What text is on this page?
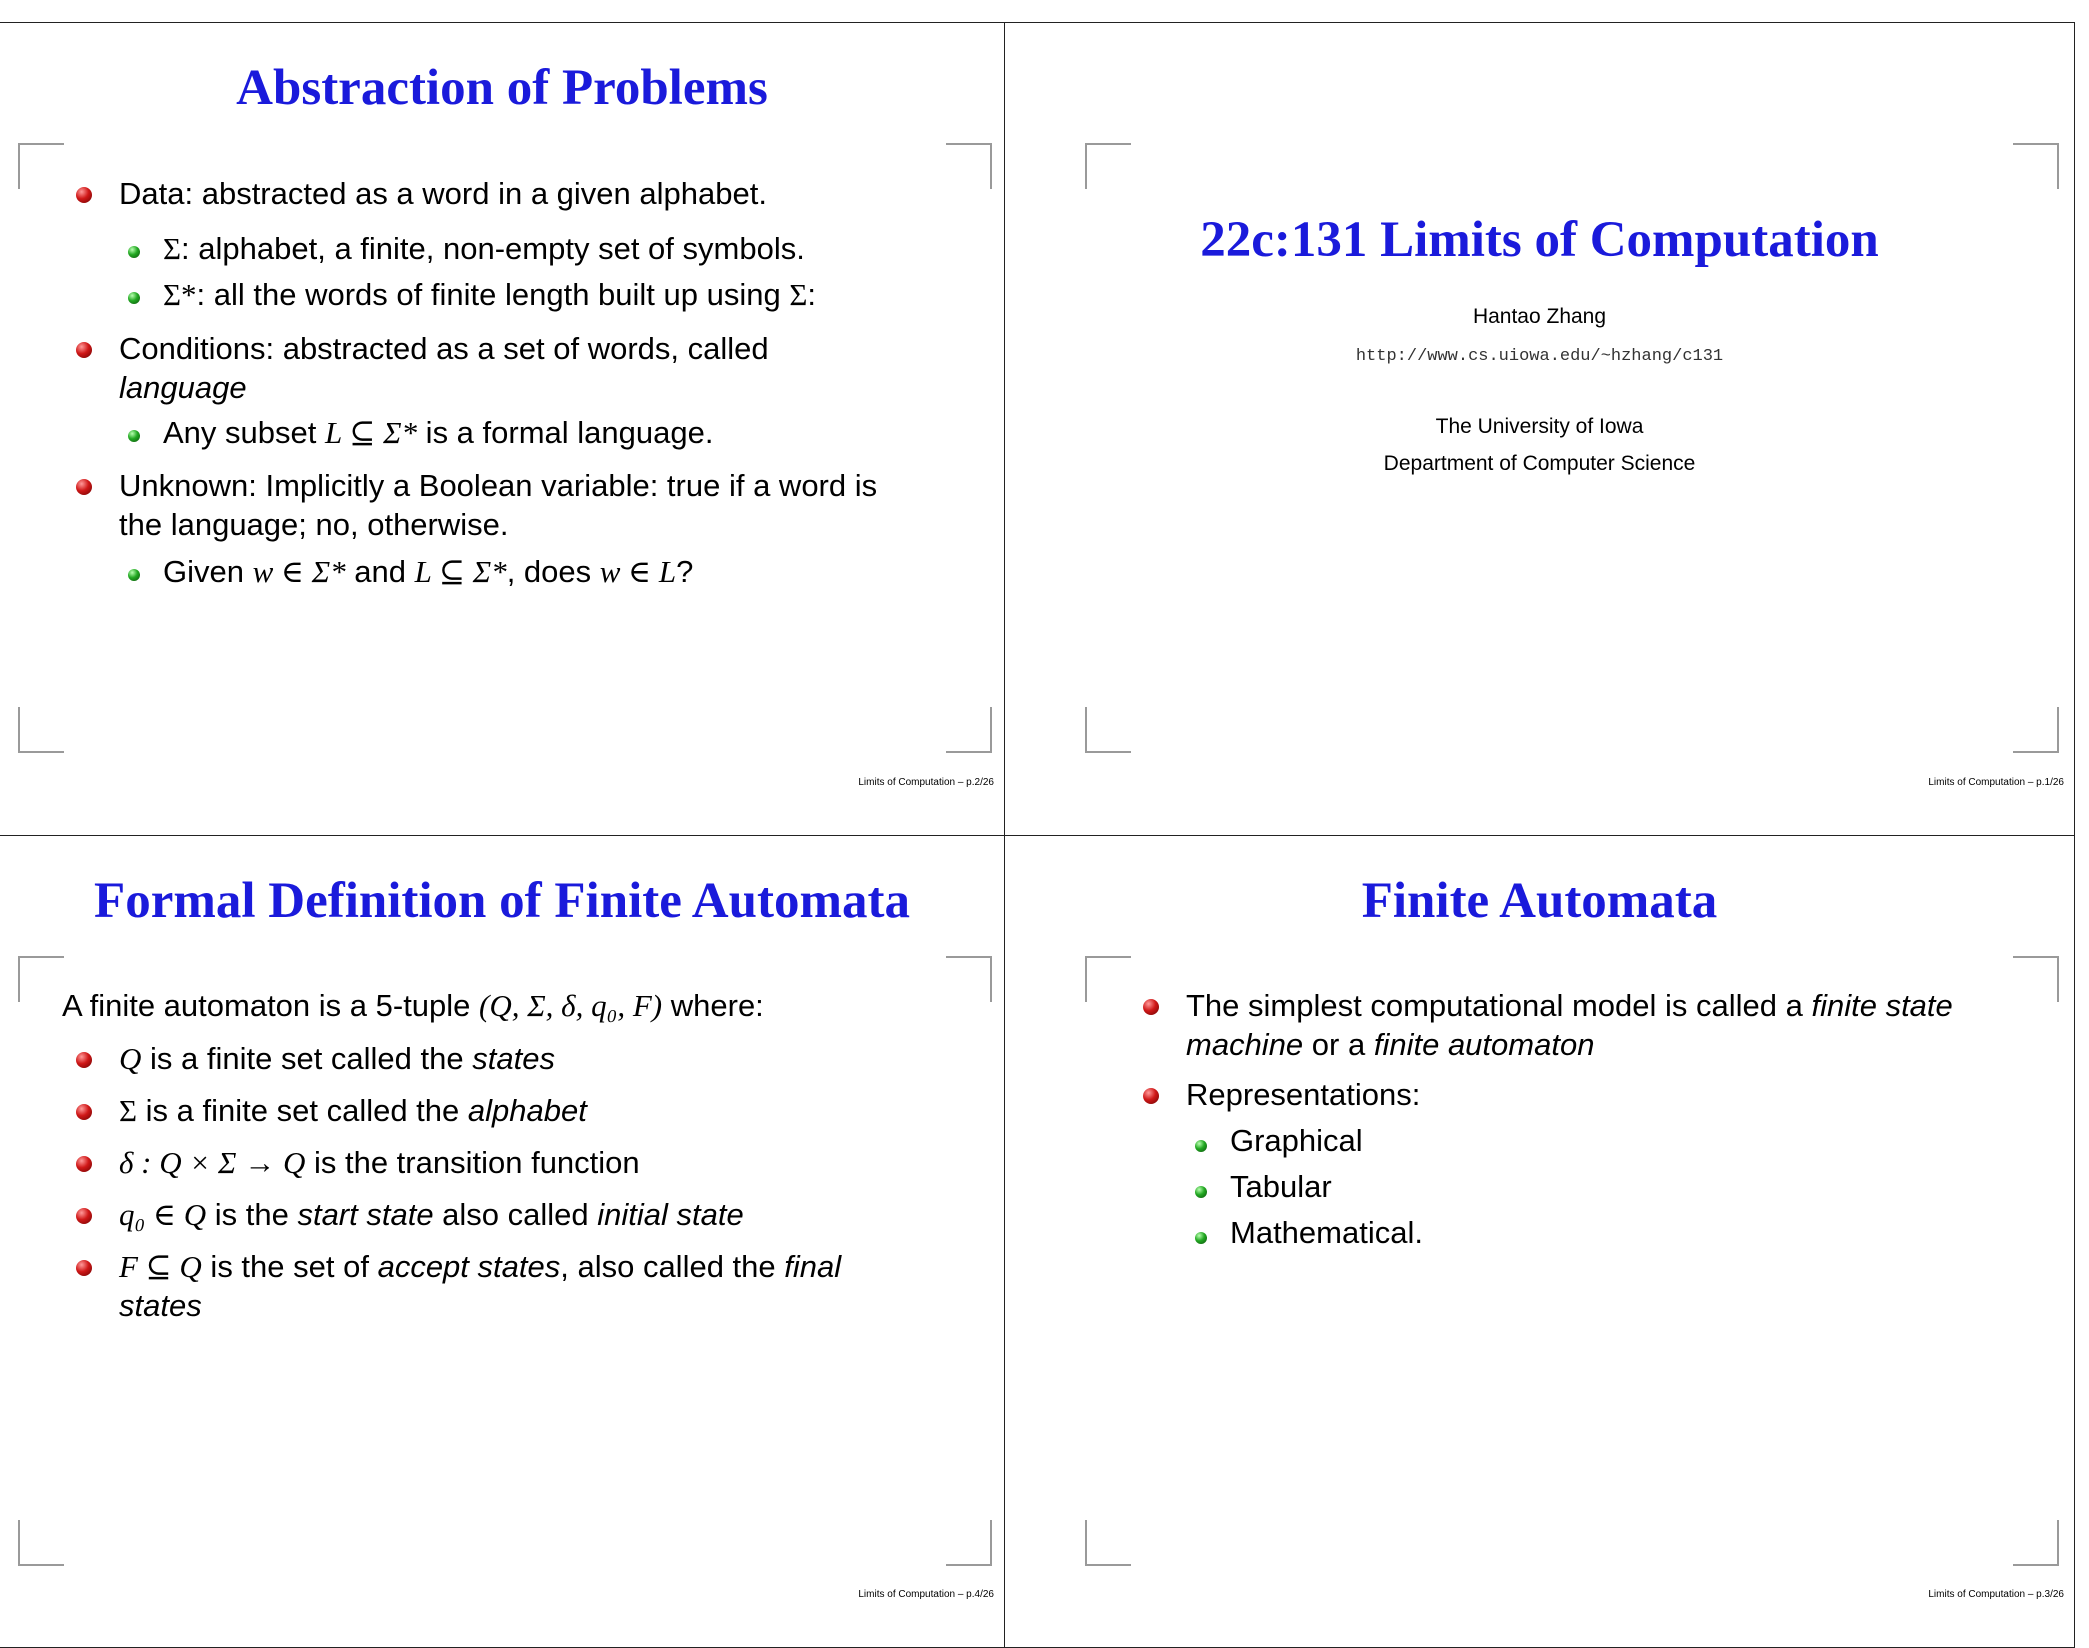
Abstraction of Problems
Data: abstracted as a word in a given alphabet.
Σ: alphabet, a finite, non-empty set of symbols.
Σ*: all the words of finite length built up using Σ:
Conditions: abstracted as a set of words, called
language
Any subset L ⊆ Σ* is a formal language.
Unknown: Implicitly a Boolean variable: true if a word is
the language; no, otherwise.
Given w ∈ Σ* and L ⊆ Σ*, does w ∈ L?
Limits of Computation – p.2/26
22c:131 Limits of Computation
Hantao Zhang
http://www.cs.uiowa.edu/~hzhang/c131
The University of Iowa
Department of Computer Science
Limits of Computation – p.1/26
Formal Definition of Finite Automata
A finite automaton is a 5-tuple (Q, Σ, δ, q₀, F) where:
Q is a finite set called the states
Σ is a finite set called the alphabet
δ : Q × Σ → Q is the transition function
q₀ ∈ Q is the start state also called initial state
F ⊆ Q is the set of accept states, also called the final
states
Limits of Computation – p.4/26
Finite Automata
The simplest computational model is called a finite state
machine or a finite automaton
Representations:
Graphical
Tabular
Mathematical.
Limits of Computation – p.3/26
